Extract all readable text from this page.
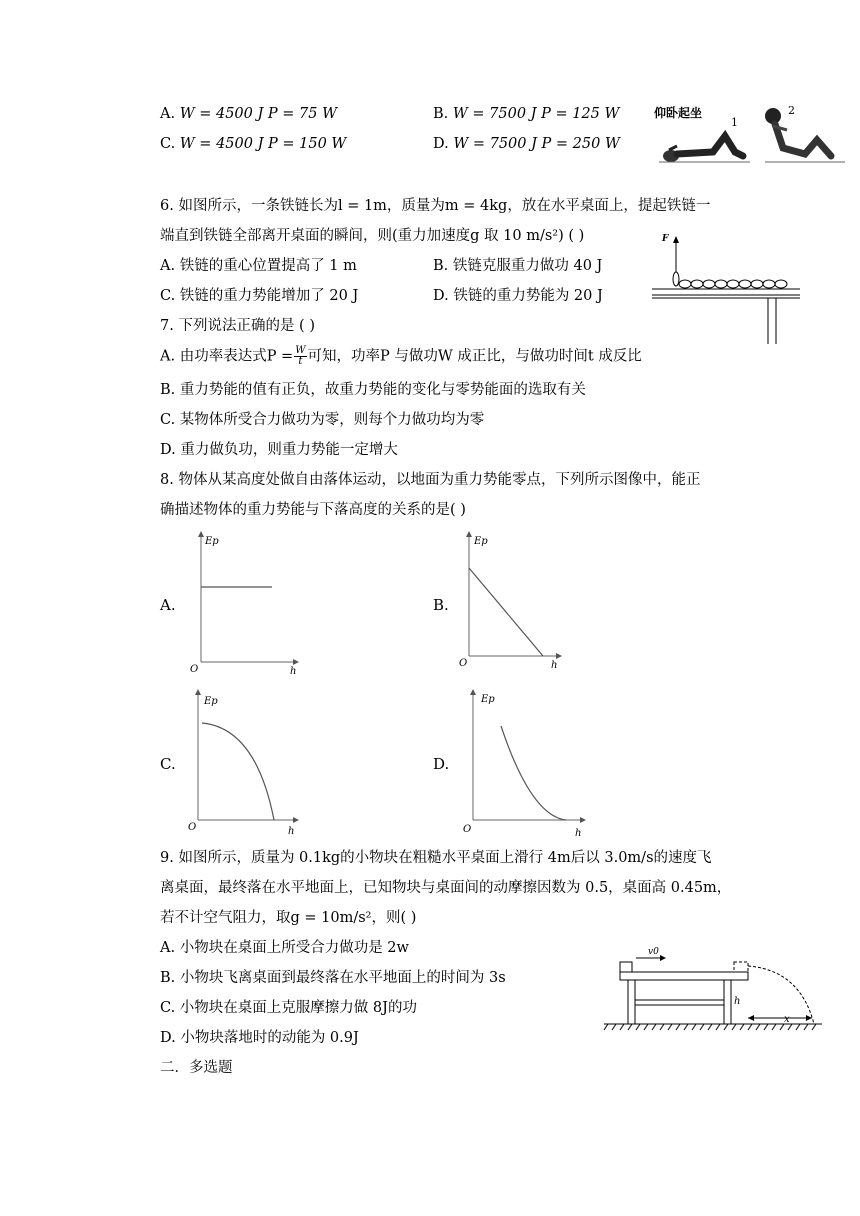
A. W = 4500 J P = 75 W	B. W = 7500 J P = 125 W
C. W = 4500 J P = 150 W	D. W = 7500 J P = 250 W
仰卧起坐
1
2
6. 如图所示，一条铁链长为l = 1m，质量为m = 4kg，放在水平桌面上，提起铁链一
端直到铁链全部离开桌面的瞬间，则(重力加速度g 取 10 m/s²) ( )
A. 铁链的重心位置提高了 1 m	B. 铁链克服重力做功 40 J
C. 铁链的重力势能增加了 20 J	D. 铁链的重力势能为 20 J
F
7. 下列说法正确的是 ( )
A. 由功率表达式$P = \frac{W}{t}$ 可知，功率P 与做功W 成正比，与做功时间t 成反比
B. 重力势能的值有正负，故重力势能的变化与零势能面的选取有关
C. 某物体所受合力做功为零，则每个力做功均为零
D. 重力做负功，则重力势能一定增大
8. 物体从某高度处做自由落体运动，以地面为重力势能零点，下列所示图像中，能正
确描述物体的重力势能与下落高度的关系的是( )
A.	B.
C.	D.
Ep
O	h
Ep
O	h
Ep
O	h
Ep
O	h
9. 如图所示，质量为 0.1kg的小物块在粗糙水平桌面上滑行 4m后以 3.0m/s的速度飞
离桌面，最终落在水平地面上，已知物块与桌面间的动摩擦因数为 0.5，桌面高 0.45m，
若不计空气阻力，取g = 10m/s²，则( )
A. 小物块在桌面上所受合力做功是 2w
B. 小物块飞离桌面到最终落在水平地面上的时间为 3s
C. 小物块在桌面上克服摩擦力做 8J的功
D. 小物块落地时的动能为 0.9J
v0
h
x
二．多选题
